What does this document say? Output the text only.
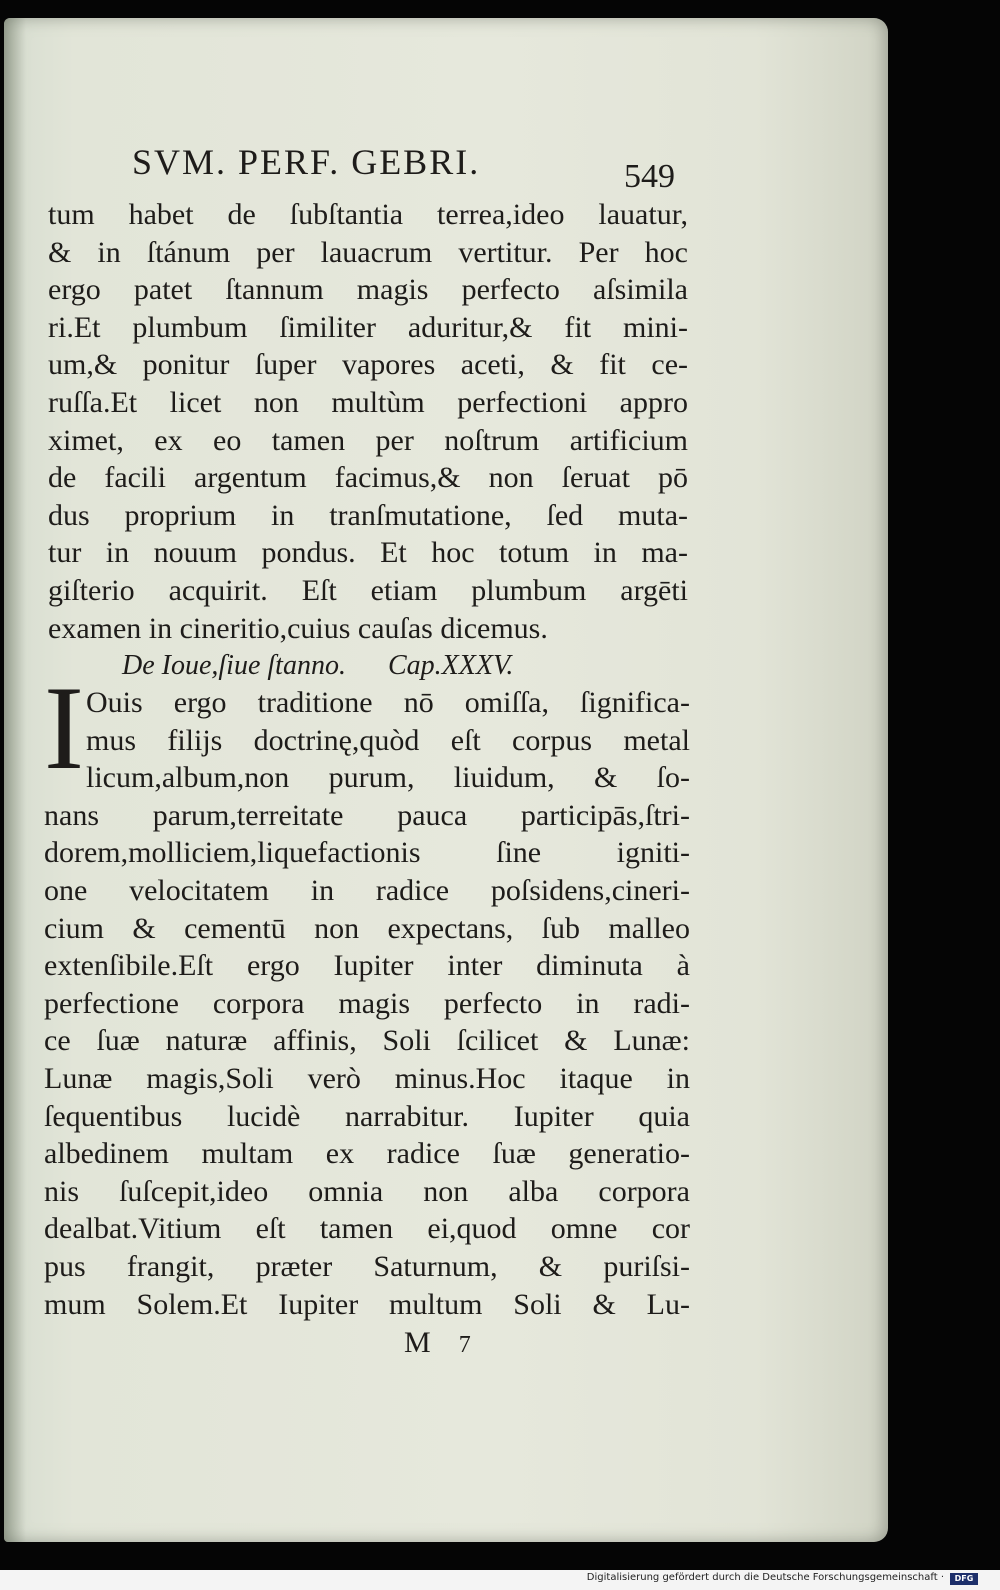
SVM. PERF. GEBRI.	549
tum habet de ſubſtantia terrea,ideo lauatur,
& in ſtánum per lauacrum vertitur. Per hoc
ergo patet ſtannum magis perfecto aſsimila
ri.Et plumbum ſimiliter aduritur,& fit mini-
um,& ponitur ſuper vapores aceti, & fit ce-
ruſſa.Et licet non multùm perfectioni appro
ximet, ex eo tamen per noſtrum artificium
de facili argentum facimus,& non ſeruat pō
dus proprium in tranſmutatione, ſed muta-
tur in nouum pondus. Et hoc totum in ma-
giſterio acquirit. Eſt etiam plumbum argēti
examen in cineritio,cuius cauſas dicemus.
De Ioue,ſiue ſtanno. Cap.XXXV.
I Ouis ergo traditione nō omiſſa, ſignifica-
mus filijs doctrinę,quòd eſt corpus metal
licum,album,non purum, liuidum, & ſo-
nans parum,terreitate pauca participās,ſtri-
dorem,molliciem,liquefactionis ſine igniti-
one velocitatem in radice poſsidens,cineri-
cium & cementū non expectans, ſub malleo
extenſibile.Eſt ergo Iupiter inter diminuta à
perfectione corpora magis perfecto in radi-
ce ſuæ naturæ affinis, Soli ſcilicet & Lunæ:
Lunæ magis,Soli verò minus.Hoc itaque in
ſequentibus lucidè narrabitur. Iupiter quia
albedinem multam ex radice ſuæ generatio-
nis ſuſcepit,ideo omnia non alba corpora
dealbat.Vitium eſt tamen ei,quod omne cor
pus frangit, præter Saturnum, & puriſsi-
mum Solem.Et Iupiter multum Soli & Lu-
M 7
Digitalisierung gefördert durch die Deutsche Forschungsgemeinschaft ·	DFG
